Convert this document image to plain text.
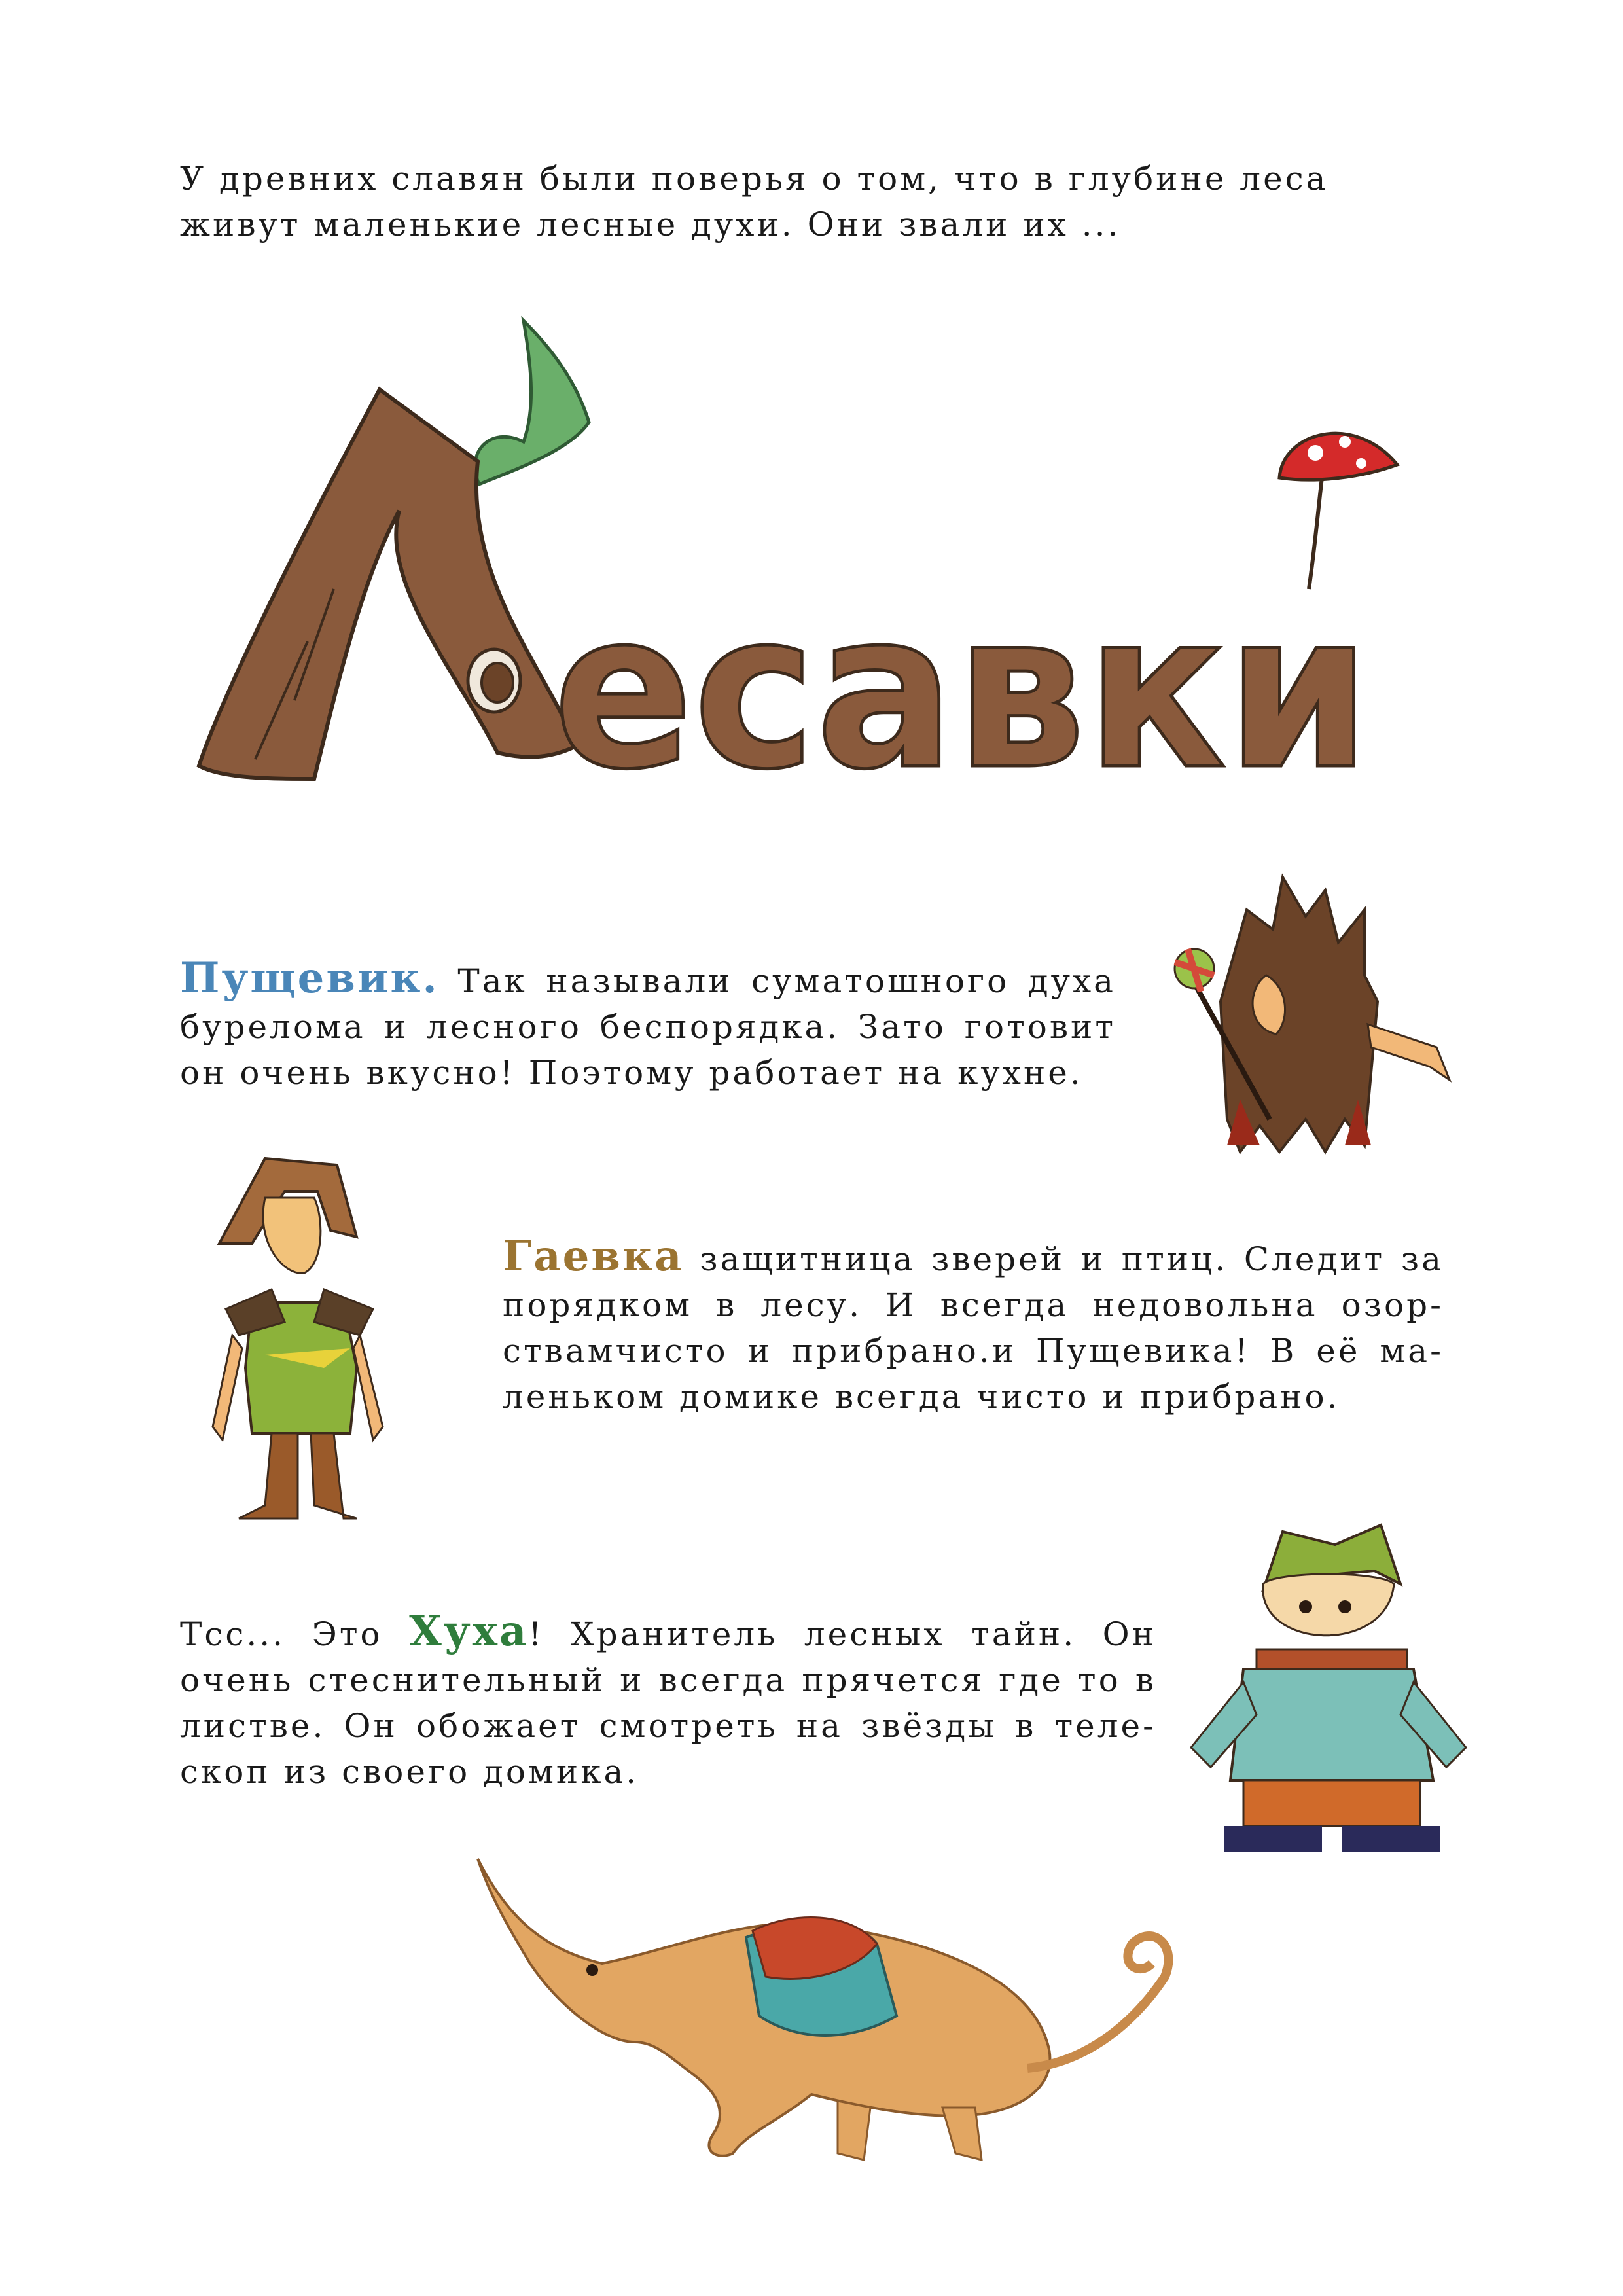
У древних славян были поверья о том, что в глубине леса
живут маленькие лесные духи. Они звали их ...
есавки
Пущевик. Так называли суматошного духа
бурелома и лесного беспорядка. Зато готовит
он очень вкусно! Поэтому работает на кухне.
Гаевка защитница зверей и птиц. Следит за
порядком в лесу. И всегда недовольна озор-
ствамчисто и прибрано.и Пущевика! В её ма-
леньком домике всегда чисто и прибрано.
Тсс... Это Хуха! Хранитель лесных тайн. Он
очень стеснительный и всегда прячется где то в
листве. Он обожает смотреть на звёзды в теле-
скоп из своего домика.
